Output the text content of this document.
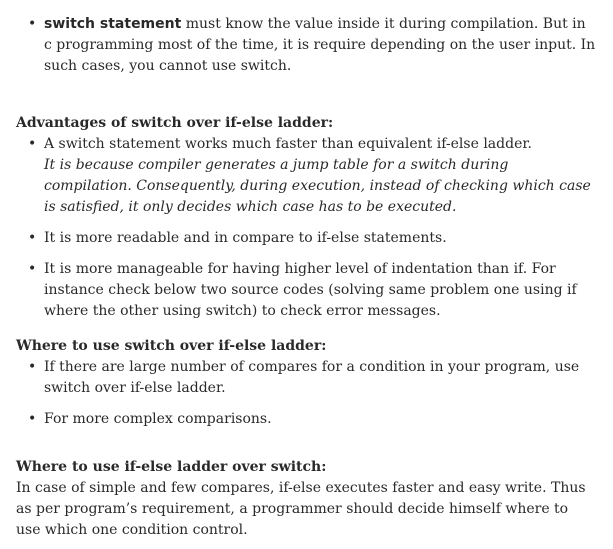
• switch statement must know the value inside it during compilation. But in c programming most of the time, it is require depending on the user input. In such cases, you cannot use switch.
Advantages of switch over if-else ladder:
• A switch statement works much faster than equivalent if-else ladder.
It is because compiler generates a jump table for a switch during compilation. Consequently, during execution, instead of checking which case is satisfied, it only decides which case has to be executed.
• It is more readable and in compare to if-else statements.
• It is more manageable for having higher level of indentation than if. For instance check below two source codes (solving same problem one using if where the other using switch) to check error messages.
Where to use switch over if-else ladder:
• If there are large number of compares for a condition in your program, use switch over if-else ladder.
• For more complex comparisons.
Where to use if-else ladder over switch:

In case of simple and few compares, if-else executes faster and easy write. Thus as per program’s requirement, a programmer should decide himself where to use which one condition control.
